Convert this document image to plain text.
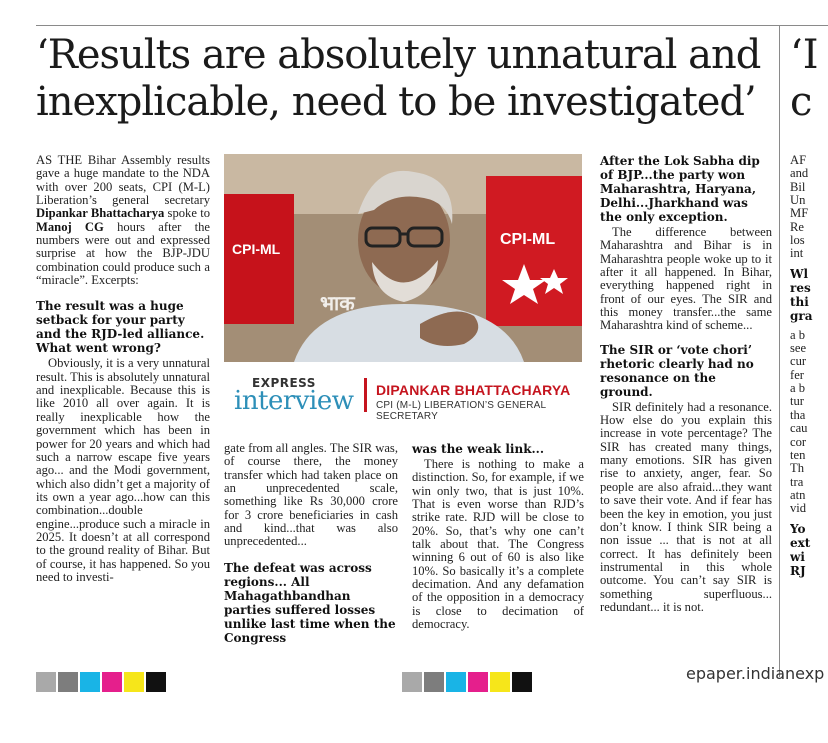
‘Results are absolutely unnatural and
inexplicable, need to be investigated’
‘I
c

AS THE Bihar Assembly results gave a huge mandate to the NDA with over 200 seats, CPI (M-L) Liberation’s general secretary Dipankar Bhattacharya spoke to Manoj CG hours after the numbers were out and expressed surprise at how the BJP-JDU combination could produce such a “miracle”. Excerpts:

The result was a huge setback for your party and the RJD-led alliance. What went wrong?

Obviously, it is a very unnatural result. This is absolutely unnatural and inexplicable. Because this is like 2010 all over again. It is really inexplicable how the government which has been in power for 20 years and which had such a narrow escape five years ago... and the Modi government, which also didn’t get a majority of its own a year ago...how can this combination...double engine...produce such a miracle in 2025. It doesn’t at all correspond to the ground reality of Bihar. But of course, it has happened. So you need to investi-

CPI-ML
CPI-ML
भाक
EXPRESS
interview DIPANKAR BHATTACHARYA
CPI (M-L) LIBERATION’S GENERAL SECRETARY

gate from all angles. The SIR was, of course there, the money transfer which had taken place on an unprecedented scale, something like Rs 30,000 crore for 3 crore beneficiaries in cash and kind...that was also unprecedented...

The defeat was across regions... All Mahagathbandhan parties suffered losses unlike last time when the Congress
was the weak link...

There is nothing to make a distinction. So, for example, if we win only two, that is just 10%. That is even worse than RJD’s strike rate. RJD will be close to 20%. So, that’s why one can’t talk about that. The Congress winning 6 out of 60 is also like 10%. So basically it’s a complete decimation. And any defamation of the opposition in a democracy is close to decimation of democracy.

After the Lok Sabha dip of BJP...the party won Maharashtra, Haryana, Delhi...Jharkhand was the only exception.

The difference between Maharashtra and Bihar is in Maharashtra people woke up to it after it all happened. In Bihar, everything happened right in front of our eyes. The SIR and this money transfer...the same Maharashtra kind of scheme...

The SIR or ‘vote chori’ rhetoric clearly had no resonance on the ground.

SIR definitely had a resonance. How else do you explain this increase in vote percentage? The SIR has created many things, many emotions. SIR has given rise to anxiety, anger, fear. So people are also afraid...they want to save their vote. And if fear has been the key in emotion, you just don’t know. I think SIR being a non issue ... that is not at all correct. It has definitely been instrumental in this whole outcome. You can’t say SIR is something superfluous... redundant... it is not.

AF
and
Bil
Un
MF
Re
los
int
Wl
res
thi
gra
a b
see
cur
fer
a b
tur
tha
cau
cor
ten
Th
tra
atn
vid
Yo
ext
wi
RJ
epaper.indianexp
